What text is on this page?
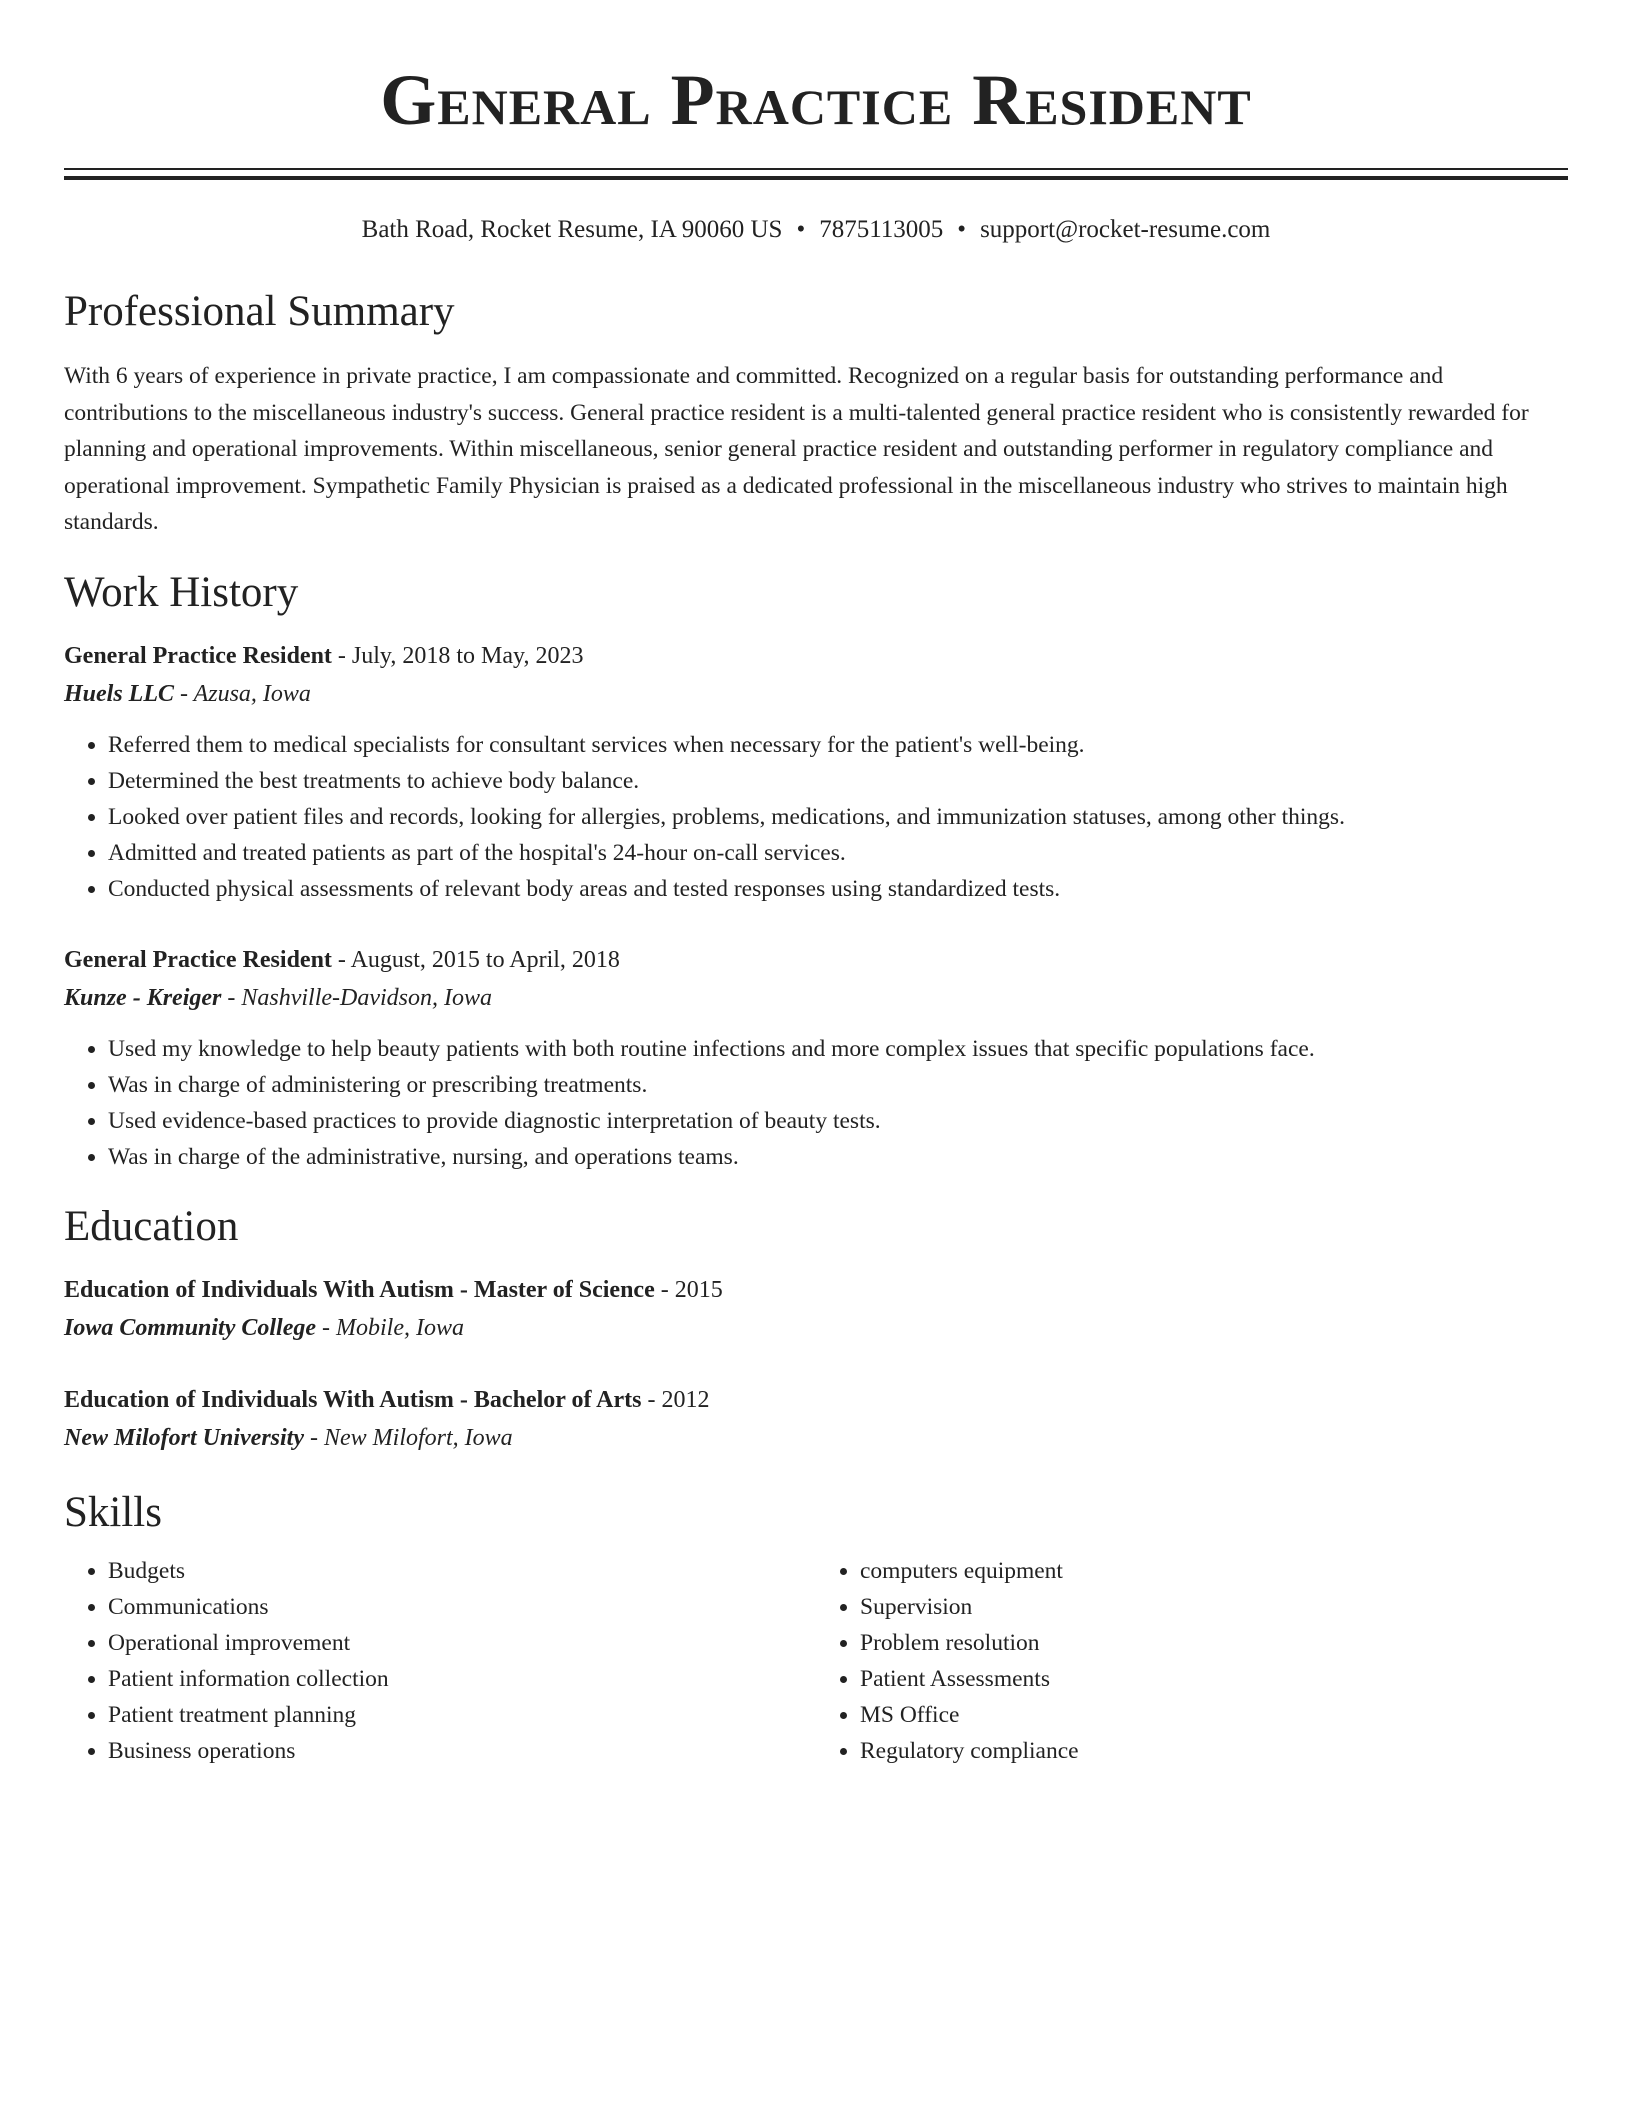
General Practice Resident
Bath Road, Rocket Resume, IA 90060 US • 7875113005 • support@rocket-resume.com
Professional Summary

With 6 years of experience in private practice, I am compassionate and committed. Recognized on a regular basis for outstanding performance and contributions to the miscellaneous industry's success. General practice resident is a multi-talented general practice resident who is consistently rewarded for planning and operational improvements. Within miscellaneous, senior general practice resident and outstanding performer in regulatory compliance and operational improvement. Sympathetic Family Physician is praised as a dedicated professional in the miscellaneous industry who strives to maintain high standards.

Work History
General Practice Resident - July, 2018 to May, 2023
Huels LLC - Azusa, Iowa
• Referred them to medical specialists for consultant services when necessary for the patient's well-being.
• Determined the best treatments to achieve body balance.
• Looked over patient files and records, looking for allergies, problems, medications, and immunization statuses, among other things.
• Admitted and treated patients as part of the hospital's 24-hour on-call services.
• Conducted physical assessments of relevant body areas and tested responses using standardized tests.
General Practice Resident - August, 2015 to April, 2018
Kunze - Kreiger - Nashville-Davidson, Iowa
• Used my knowledge to help beauty patients with both routine infections and more complex issues that specific populations face.
• Was in charge of administering or prescribing treatments.
• Used evidence-based practices to provide diagnostic interpretation of beauty tests.
• Was in charge of the administrative, nursing, and operations teams.
Education
Education of Individuals With Autism - Master of Science - 2015
Iowa Community College - Mobile, Iowa
Education of Individuals With Autism - Bachelor of Arts - 2012
New Milofort University - New Milofort, Iowa
Skills
• Budgets
• Communications
• Operational improvement
• Patient information collection
• Patient treatment planning
• Business operations
• computers equipment
• Supervision
• Problem resolution
• Patient Assessments
• MS Office
• Regulatory compliance
